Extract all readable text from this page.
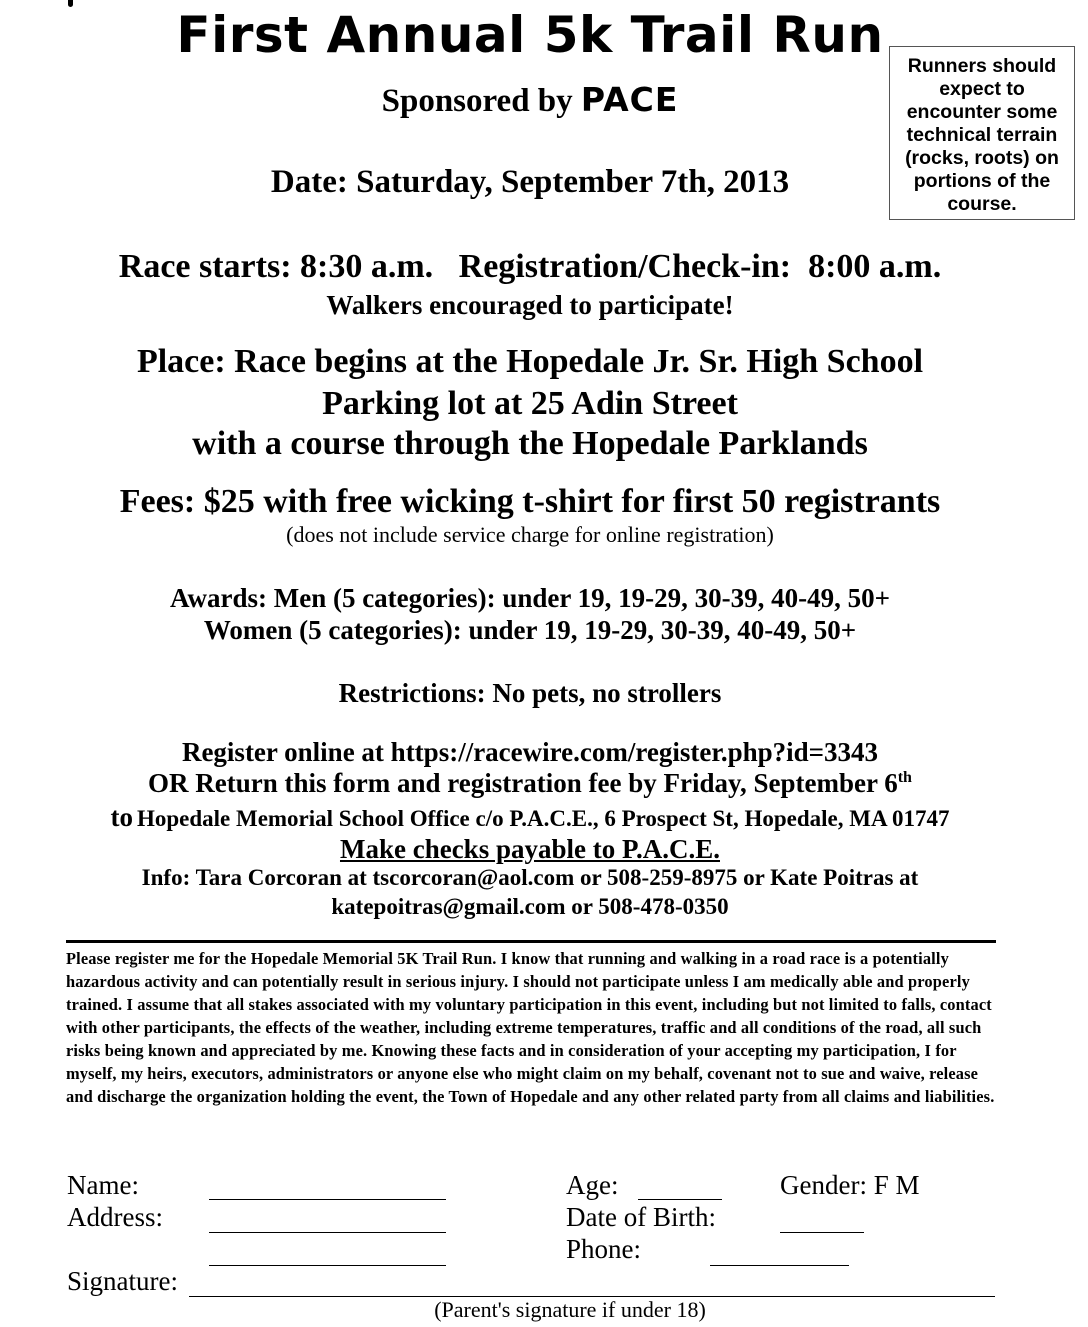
First Annual 5k Trail Run
Sponsored by PACE
Date: Saturday, September 7th, 2013
Runners should expect to encounter some technical terrain (rocks, roots) on portions of the course.
Race starts: 8:30 a.m.   Registration/Check-in:  8:00 a.m.
Walkers encouraged to participate!
Place: Race begins at the Hopedale Jr. Sr. High School
Parking lot at 25 Adin Street
with a course through the Hopedale Parklands
Fees: $25 with free wicking t-shirt for first 50 registrants
(does not include service charge for online registration)
Awards: Men (5 categories): under 19, 19-29, 30-39, 40-49, 50+
Women (5 categories): under 19, 19-29, 30-39, 40-49, 50+
Restrictions: No pets, no strollers
Register online at https://racewire.com/register.php?id=3343
OR Return this form and registration fee by Friday, September 6th
to Hopedale Memorial School Office c/o P.A.C.E., 6 Prospect St, Hopedale, MA 01747
Make checks payable to P.A.C.E.
Info: Tara Corcoran at tscorcoran@aol.com or 508-259-8975 or Kate Poitras at
katepoitras@gmail.com or 508-478-0350
Please register me for the Hopedale Memorial 5K Trail Run. I know that running and walking in a road race is a potentially hazardous activity and can potentially result in serious injury. I should not participate unless I am medically able and properly trained. I assume that all stakes associated with my voluntary participation in this event, including but not limited to falls, contact with other participants, the effects of the weather, including extreme temperatures, traffic and all conditions of the road, all such risks being known and appreciated by me. Knowing these facts and in consideration of your accepting my participation, I for myself, my heirs, executors, administrators or anyone else who might claim on my behalf, covenant not to sue and waive, release and discharge the organization holding the event, the Town of Hopedale and any other related party from all claims and liabilities.
Name:
Address:
Age:	Gender: F M
Date of Birth:
Phone:
Signature:
(Parent's signature if under 18)
